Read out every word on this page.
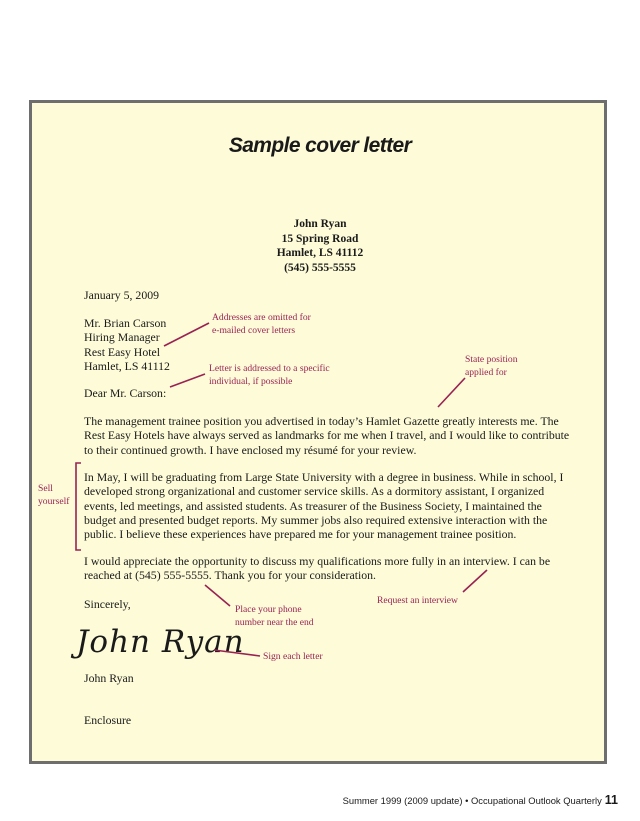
Sample cover letter
John Ryan
15 Spring Road
Hamlet, LS 41112
(545) 555-5555
January 5, 2009
Mr. Brian Carson
Hiring Manager
Rest Easy Hotel
Hamlet, LS 41112
Dear Mr. Carson:
The management trainee position you advertised in today’s Hamlet Gazette greatly interests me. The Rest Easy Hotels have always served as landmarks for me when I travel, and I would like to contribute to their continued growth. I have enclosed my résumé for your review.
In May, I will be graduating from Large State University with a degree in business. While in school, I developed strong organizational and customer service skills. As a dormitory assistant, I organized events, led meetings, and assisted students. As treasurer of the Business Society, I maintained the budget and presented budget reports. My summer jobs also required extensive interaction with the public. I believe these experiences have prepared me for your management trainee position.
I would appreciate the opportunity to discuss my qualifications more fully in an interview. I can be reached at (545) 555-5555. Thank you for your consideration.
Sincerely,
John Ryan
John Ryan
Enclosure
Addresses are omitted for
e-mailed cover letters
Letter is addressed to a specific
individual, if possible
State position
applied for
Sell
yourself
Place your phone
number near the end
Request an interview
Sign each letter
Summer 1999 (2009 update) • Occupational Outlook Quarterly 11
